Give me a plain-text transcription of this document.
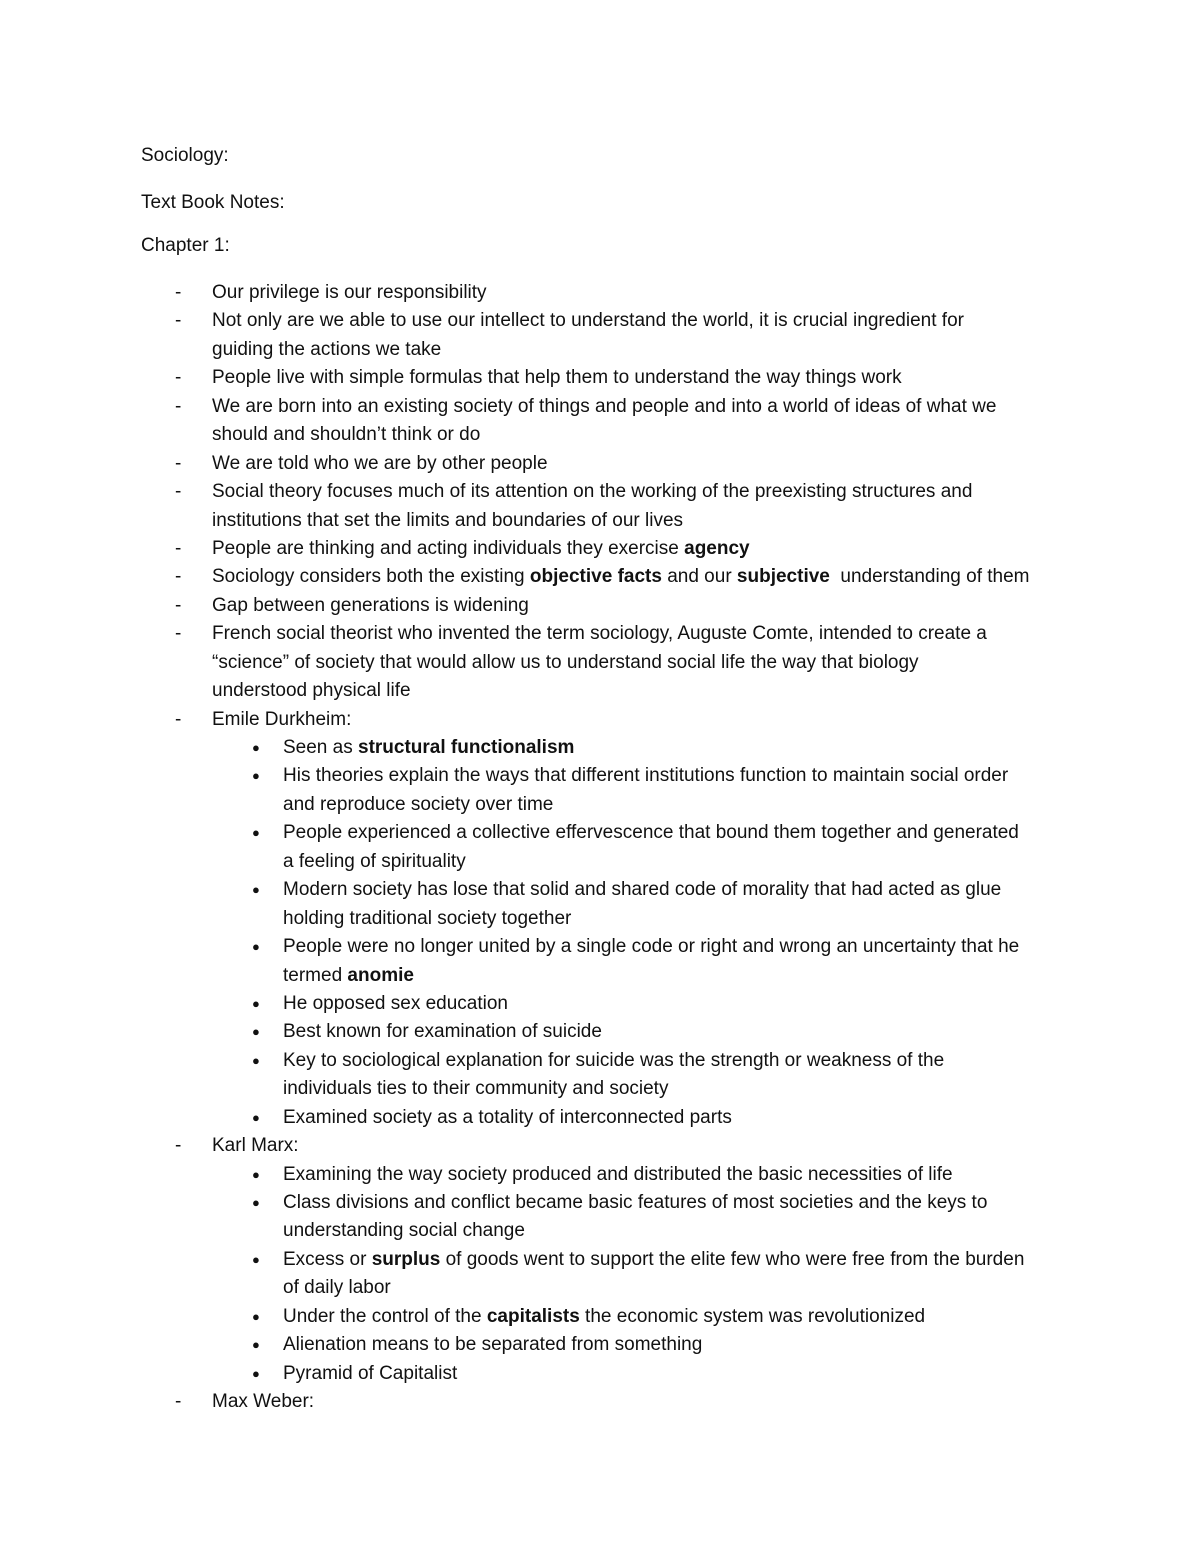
Sociology:
Text Book Notes:
Chapter 1:
- Our privilege is our responsibility
- Not only are we able to use our intellect to understand the world, it is crucial ingredient for
guiding the actions we take
- People live with simple formulas that help them to understand the way things work
- We are born into an existing society of things and people and into a world of ideas of what we
should and shouldn’t think or do
- We are told who we are by other people
- Social theory focuses much of its attention on the working of the preexisting structures and
institutions that set the limits and boundaries of our lives
- People are thinking and acting individuals they exercise agency
- Sociology considers both the existing objective facts and our subjective  understanding of them
- Gap between generations is widening
- French social theorist who invented the term sociology, Auguste Comte, intended to create a
“science” of society that would allow us to understand social life the way that biology
understood physical life
- Emile Durkheim:
● Seen as structural functionalism
● His theories explain the ways that different institutions function to maintain social order
and reproduce society over time
● People experienced a collective effervescence that bound them together and generated
a feeling of spirituality
● Modern society has lose that solid and shared code of morality that had acted as glue
holding traditional society together
● People were no longer united by a single code or right and wrong an uncertainty that he
termed anomie
● He opposed sex education
● Best known for examination of suicide
● Key to sociological explanation for suicide was the strength or weakness of the
individuals ties to their community and society
● Examined society as a totality of interconnected parts
- Karl Marx:
● Examining the way society produced and distributed the basic necessities of life
● Class divisions and conflict became basic features of most societies and the keys to
understanding social change
● Excess or surplus of goods went to support the elite few who were free from the burden
of daily labor
● Under the control of the capitalists the economic system was revolutionized
● Alienation means to be separated from something
● Pyramid of Capitalist
- Max Weber:
